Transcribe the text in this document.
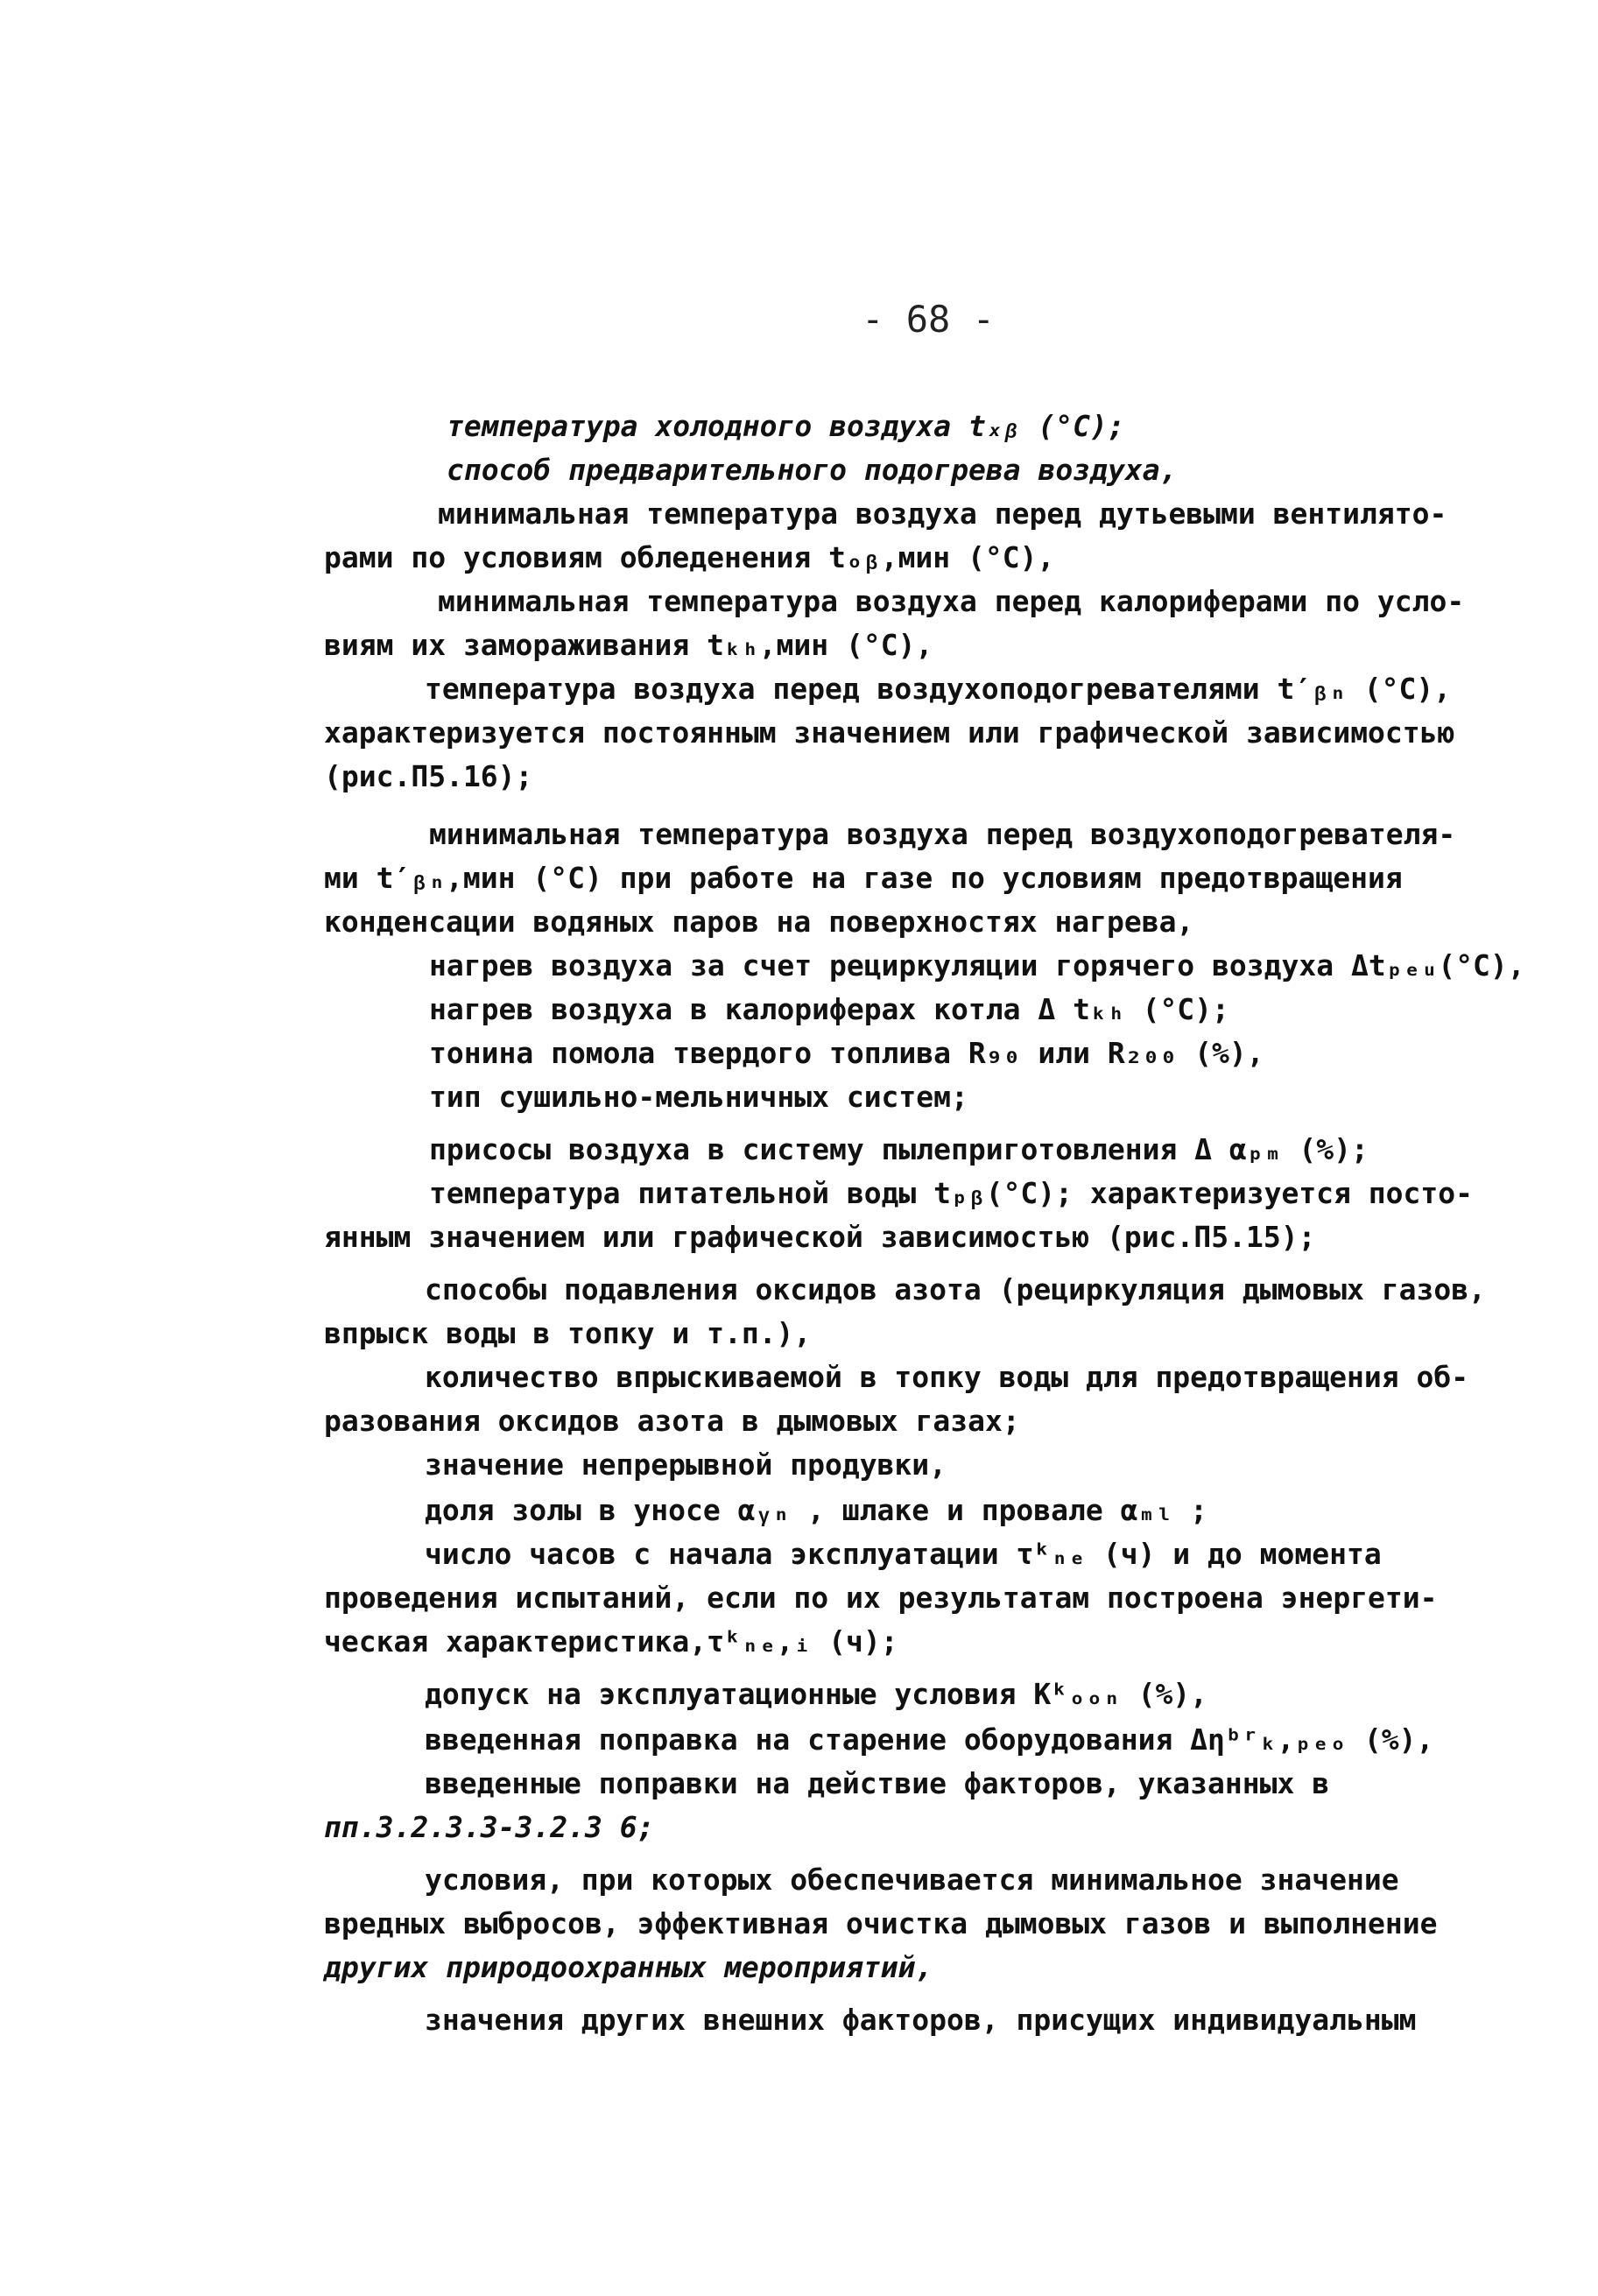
- 68 -
температура холодного воздуха tₓᵦ (°C);
способ предварительного подогрева воздуха,
минимальная температура воздуха перед дутьевыми вентилято-
рами по условиям обледенения tₒᵦ,мин (°C),
минимальная температура воздуха перед калориферами по усло-
виям их замораживания tₖₕ,мин (°C),
температура воздуха перед воздухоподогревателями t′ᵦₙ (°C),
характеризуется постоянным значением или графической зависимостью
(рис.П5.16);
минимальная температура воздуха перед воздухоподогревателя-
ми t′ᵦₙ,мин (°C) при работе на газе по условиям предотвращения
конденсации водяных паров на поверхностях нагрева,
нагрев воздуха за счет рециркуляции горячего воздуха Δtₚₑᵤ(°C),
нагрев воздуха в калориферах котла Δ tₖₕ (°C);
тонина помола твердого топлива R₉₀ или R₂₀₀ (%),
тип сушильно-мельничных систем;
присосы воздуха в систему пылеприготовления Δ αₚₘ (%);
температура питательной воды tₚᵦ(°C); характеризуется посто-
янным значением или графической зависимостью (рис.П5.15);
способы подавления оксидов азота (рециркуляция дымовых газов,
впрыск воды в топку и т.п.),
количество впрыскиваемой в топку воды для предотвращения об-
разования оксидов азота в дымовых газах;
значение непрерывной продувки,
доля золы в уносе αᵧₙ , шлаке и провале αₘₗ ;
число часов с начала эксплуатации τᵏₙₑ (ч) и до момента
проведения испытаний, если по их результатам построена энергети-
ческая характеристика,τᵏₙₑ,ᵢ (ч);
допуск на эксплуатационные условия Kᵏₒₒₙ (%),
введенная поправка на старение оборудования Δηᵇʳₖ,ₚₑₒ (%),
введенные поправки на действие факторов, указанных в
пп.3.2.3.3-3.2.3 6;
условия, при которых обеспечивается минимальное значение
вредных выбросов, эффективная очистка дымовых газов и выполнение
других природоохранных мероприятий,
значения других внешних факторов, присущих индивидуальным
